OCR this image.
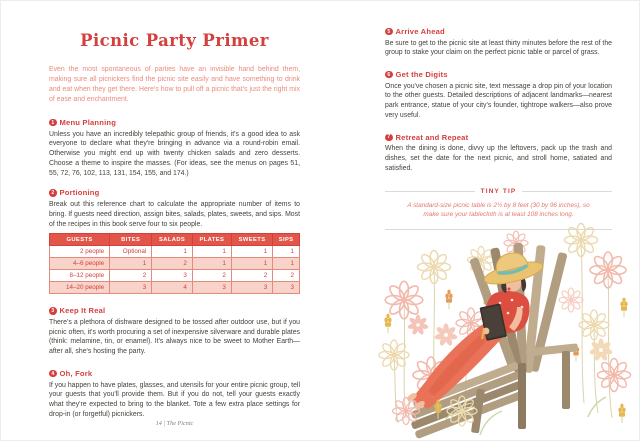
Picnic Party Primer

Even the most spontaneous of parties have an invisible hand behind them, making sure all picnickers find the picnic site easily and have something to drink and eat when they get there. Here's how to pull off a picnic that's just the right mix of ease and enchantment.

1 Menu Planning

Unless you have an incredibly telepathic group of friends, it's a good idea to ask everyone to declare what they're bringing in advance via a round-robin email. Otherwise you might end up with twenty chicken salads and zero desserts. Choose a theme to inspire the masses. (For ideas, see the menus on pages 51, 55, 72, 76, 102, 113, 131, 154, 155, and 174.)

2 Portioning

Break out this reference chart to calculate the appropriate number of items to bring. If guests need direction, assign bites, salads, plates, sweets, and sips. Most of the recipes in this book serve four to six people.

GUESTS	BITES	SALADS	PLATES	SWEETS	SIPS
2 people	Optional	1	1	1	1
4–6 people	1	2	1	1	1
8–12 people	2	3	2	2	2
14–20 people	3	4	3	3	3
3 Keep It Real

There's a plethora of dishware designed to be tossed after outdoor use, but if you picnic often, it's worth procuring a set of inexpensive silverware and durable plates (think: melamine, tin, or enamel). It's always nice to be sweet to Mother Earth—after all, she's hosting the party.

4 Oh, Fork

If you happen to have plates, glasses, and utensils for your entire picnic group, tell your guests that you'll provide them. But if you do not, tell your guests exactly what they're expected to bring to the blanket. Tote a few extra place settings for drop-in (or forgetful) picnickers.

14 | The Picnic
5 Arrive Ahead

Be sure to get to the picnic site at least thirty minutes before the rest of the group to stake your claim on the perfect picnic table or parcel of grass.

6 Get the Digits

Once you've chosen a picnic site, text message a drop pin of your location to the other guests. Detailed descriptions of adjacent landmarks—nearest park entrance, statue of your city's founder, tightrope walkers—also prove very useful.

7 Retreat and Repeat

When the dining is done, divvy up the leftovers, pack up the trash and dishes, set the date for the next picnic, and stroll home, satiated and satisfied.

TINY TIP

A standard-size picnic table is 2½ by 8 feet (30 by 96 inches), so make sure your tablecloth is at least 108 inches long.
